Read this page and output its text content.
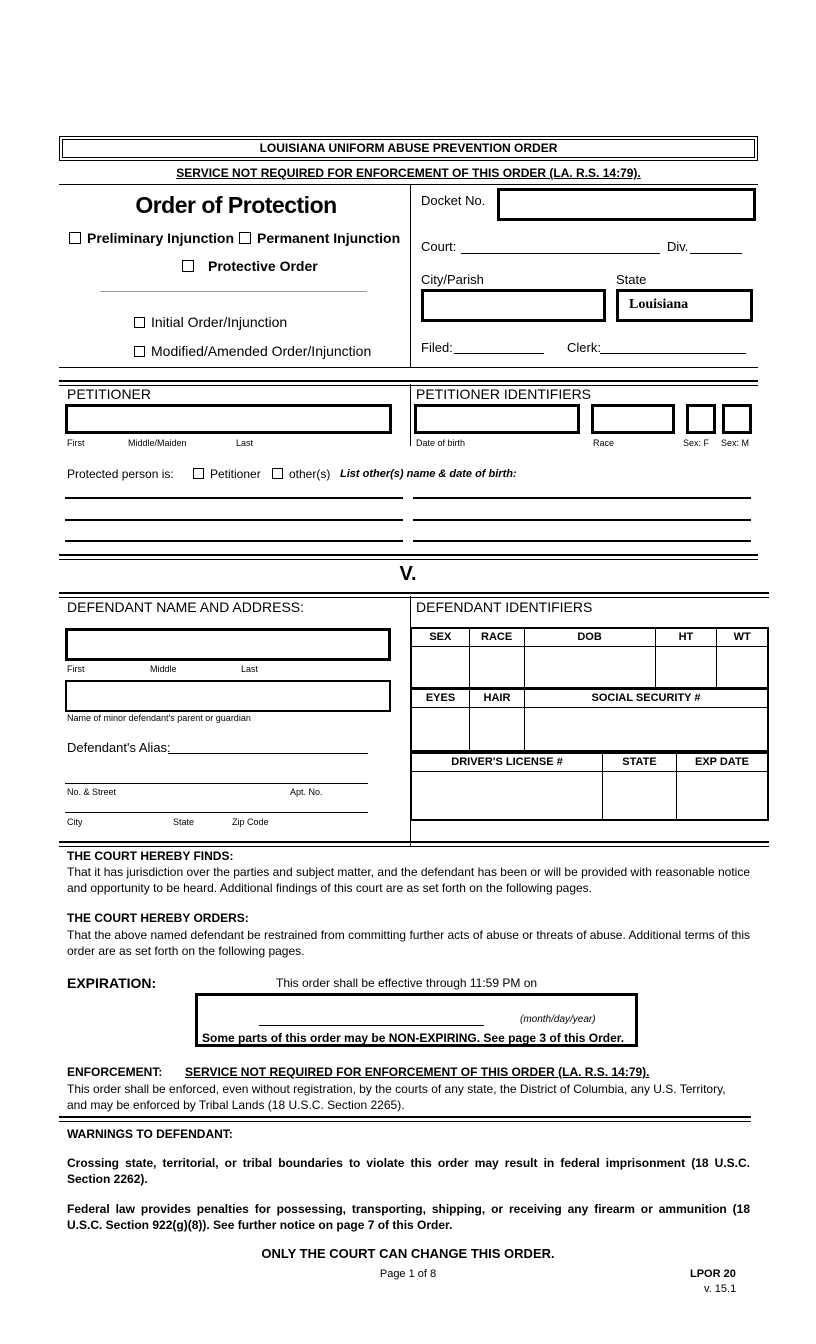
LOUISIANA UNIFORM ABUSE PREVENTION ORDER
SERVICE NOT REQUIRED FOR ENFORCEMENT OF THIS ORDER (LA. R.S. 14:79).
Order of Protection
Preliminary Injunction	Permanent Injunction
Protective Order
Initial Order/Injunction
Modified/Amended Order/Injunction
Docket No.
Court:	Div.
City/Parish	State
Louisiana
Filed:	Clerk:
PETITIONER	PETITIONER IDENTIFIERS
First	Middle/Maiden	Last	Date of birth	Race	Sex: F Sex: M
Protected person is:	Petitioner	other(s) List other(s) name & date of birth:
V.
DEFENDANT NAME AND ADDRESS:	DEFENDANT IDENTIFIERS
First	Middle	Last
Name of minor defendant's parent or guardian
Defendant's Alias:
No. & Street	Apt. No.
City	State	Zip Code
SEX	RACE	DOB	HT	WT

EYES	HAIR	SOCIAL SECURITY #

DRIVER'S LICENSE #	STATE	EXP DATE

THE COURT HEREBY FINDS:
That it has jurisdiction over the parties and subject matter, and the defendant has been or will be provided with reasonable notice and opportunity to be heard. Additional findings of this court are as set forth on the following pages.
THE COURT HEREBY ORDERS:
That the above named defendant be restrained from committing further acts of abuse or threats of abuse. Additional terms of this order are as set forth on the following pages.
EXPIRATION:	This order shall be effective through 11:59 PM on
(month/day/year)
Some parts of this order may be NON-EXPIRING. See page 3 of this Order.
ENFORCEMENT: SERVICE NOT REQUIRED FOR ENFORCEMENT OF THIS ORDER (LA. R.S. 14:79).
This order shall be enforced, even without registration, by the courts of any state, the District of Columbia, any U.S. Territory, and may be enforced by Tribal Lands (18 U.S.C. Section 2265).
WARNINGS TO DEFENDANT:
Crossing state, territorial, or tribal boundaries to violate this order may result in federal imprisonment (18 U.S.C. Section 2262).
Federal law provides penalties for possessing, transporting, shipping, or receiving any firearm or ammunition (18 U.S.C. Section 922(g)(8)). See further notice on page 7 of this Order.
ONLY THE COURT CAN CHANGE THIS ORDER.
Page 1 of 8	LPOR 20
v. 15.1
